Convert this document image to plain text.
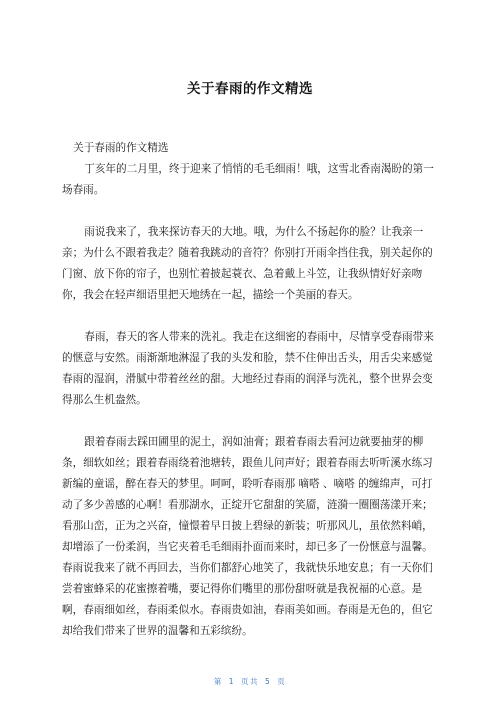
关于春雨的作文精选

关于春雨的作文精选

丁亥年的二月里，终于迎来了悄悄的毛毛细雨！哦，这雪北香南渴盼的第一场春雨。

雨说我来了，我来探访春天的大地。哦，为什么不扬起你的脸？让我亲一亲；为什么不跟着我走？随着我跳动的音符？你别打开雨伞挡住我，别关起你的门窗、放下你的帘子，也别忙着披起蓑衣、急着戴上斗笠，让我纵情好好亲吻你，我会在轻声细语里把天地绣在一起，描绘一个美丽的春天。

春雨，春天的客人带来的洗礼。我走在这细密的春雨中，尽情享受春雨带来的惬意与安然。雨渐渐地淋湿了我的头发和脸，禁不住伸出舌头，用舌尖来感觉春雨的湿润，滑腻中带着丝丝的甜。大地经过春雨的润泽与洗礼，整个世界会变得那么生机盎然。

跟着春雨去踩田圃里的泥土，润如油膏；跟着春雨去看河边就要抽芽的柳条，细软如丝；跟着春雨绕着池塘转，跟鱼儿问声好；跟着春雨去听听溪水练习新编的童谣，醉在春天的梦里。呵呵，聆听春雨那 嘀嗒 、嘀嗒 的缠绵声，可打动了多少善感的心啊！看那湖水，正绽开它甜甜的笑靥，涟漪一圈圈荡漾开来；看那山峦，正为之兴奋，憧憬着早日披上碧绿的新装；听那风儿，虽依然料峭，却增添了一份柔润，当它夹着毛毛细雨扑面而来时，却已多了一份惬意与温馨。春雨说我来了就不再回去，当你们都舒心地笑了，我就快乐地安息；有一天你们尝着蜜蜂采的花蜜擦着嘴，要记得你们嘴里的那份甜呀就是我祝福的心意。是啊，春雨细如丝，春雨柔似水。春雨贵如油，春雨美如画。春雨是无色的，但它却给我们带来了世界的温馨和五彩缤纷。

第 1 页共 5 页
